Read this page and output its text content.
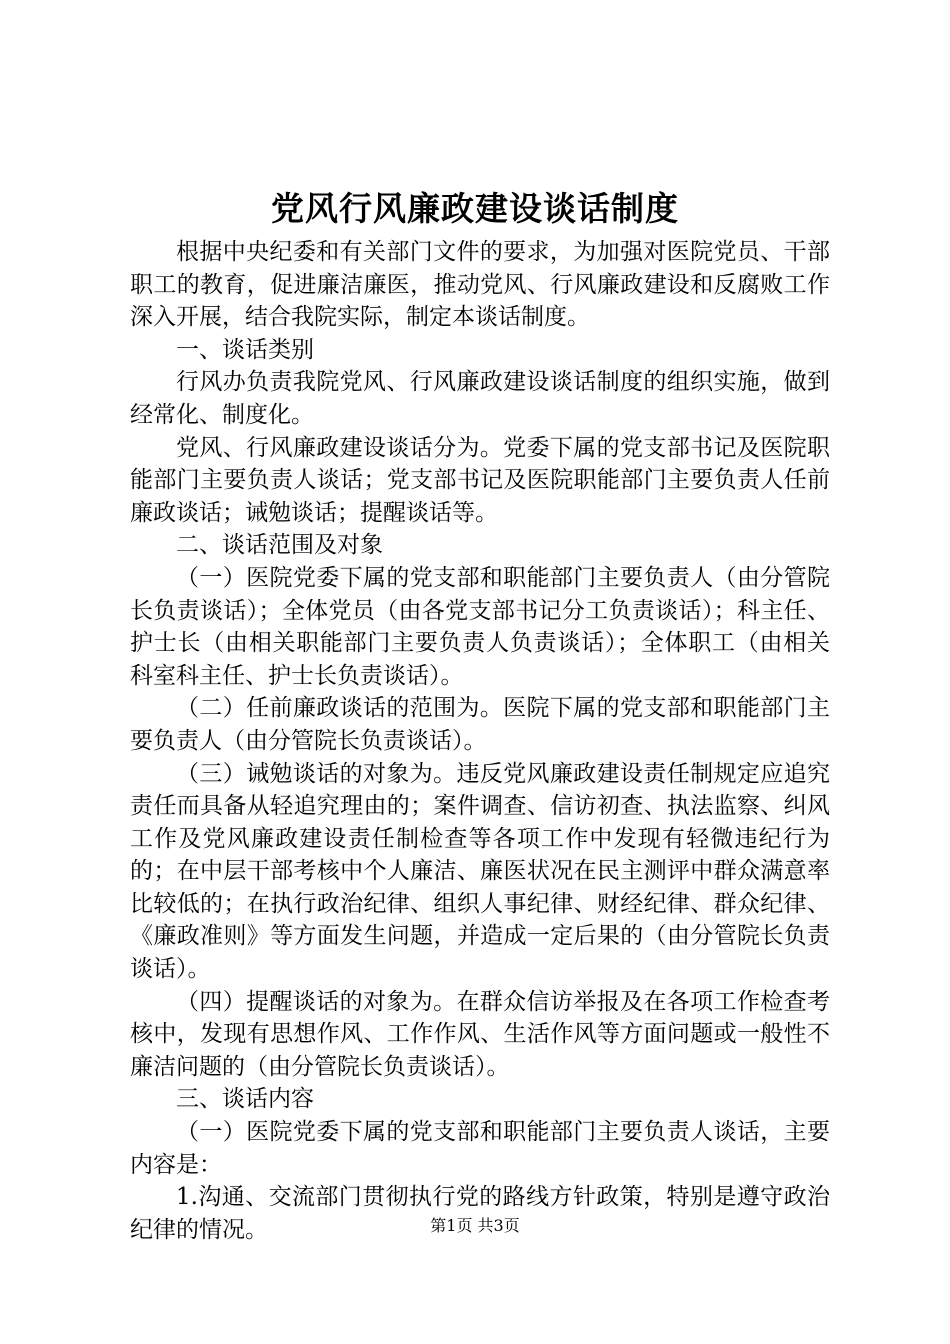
党风行风廉政建设谈话制度

根据中央纪委和有关部门文件的要求，为加强对医院党员、干部职工的教育，促进廉洁廉医，推动党风、行风廉政建设和反腐败工作深入开展，结合我院实际，制定本谈话制度。

一、谈话类别

行风办负责我院党风、行风廉政建设谈话制度的组织实施，做到经常化、制度化。

党风、行风廉政建设谈话分为。党委下属的党支部书记及医院职能部门主要负责人谈话；党支部书记及医院职能部门主要负责人任前廉政谈话；诫勉谈话；提醒谈话等。

二、谈话范围及对象

（一）医院党委下属的党支部和职能部门主要负责人（由分管院长负责谈话）；全体党员（由各党支部书记分工负责谈话）；科主任、护士长（由相关职能部门主要负责人负责谈话）；全体职工（由相关科室科主任、护士长负责谈话）。

（二）任前廉政谈话的范围为。医院下属的党支部和职能部门主要负责人（由分管院长负责谈话）。

（三）诫勉谈话的对象为。违反党风廉政建设责任制规定应追究责任而具备从轻追究理由的；案件调查、信访初查、执法监察、纠风工作及党风廉政建设责任制检查等各项工作中发现有轻微违纪行为的；在中层干部考核中个人廉洁、廉医状况在民主测评中群众满意率比较低的；在执行政治纪律、组织人事纪律、财经纪律、群众纪律、《廉政准则》等方面发生问题，并造成一定后果的（由分管院长负责谈话）。

（四）提醒谈话的对象为。在群众信访举报及在各项工作检查考核中，发现有思想作风、工作作风、生活作风等方面问题或一般性不廉洁问题的（由分管院长负责谈话）。

三、谈话内容

（一）医院党委下属的党支部和职能部门主要负责人谈话，主要内容是：

1.沟通、交流部门贯彻执行党的路线方针政策，特别是遵守政治纪律的情况。	第1页 共3页
